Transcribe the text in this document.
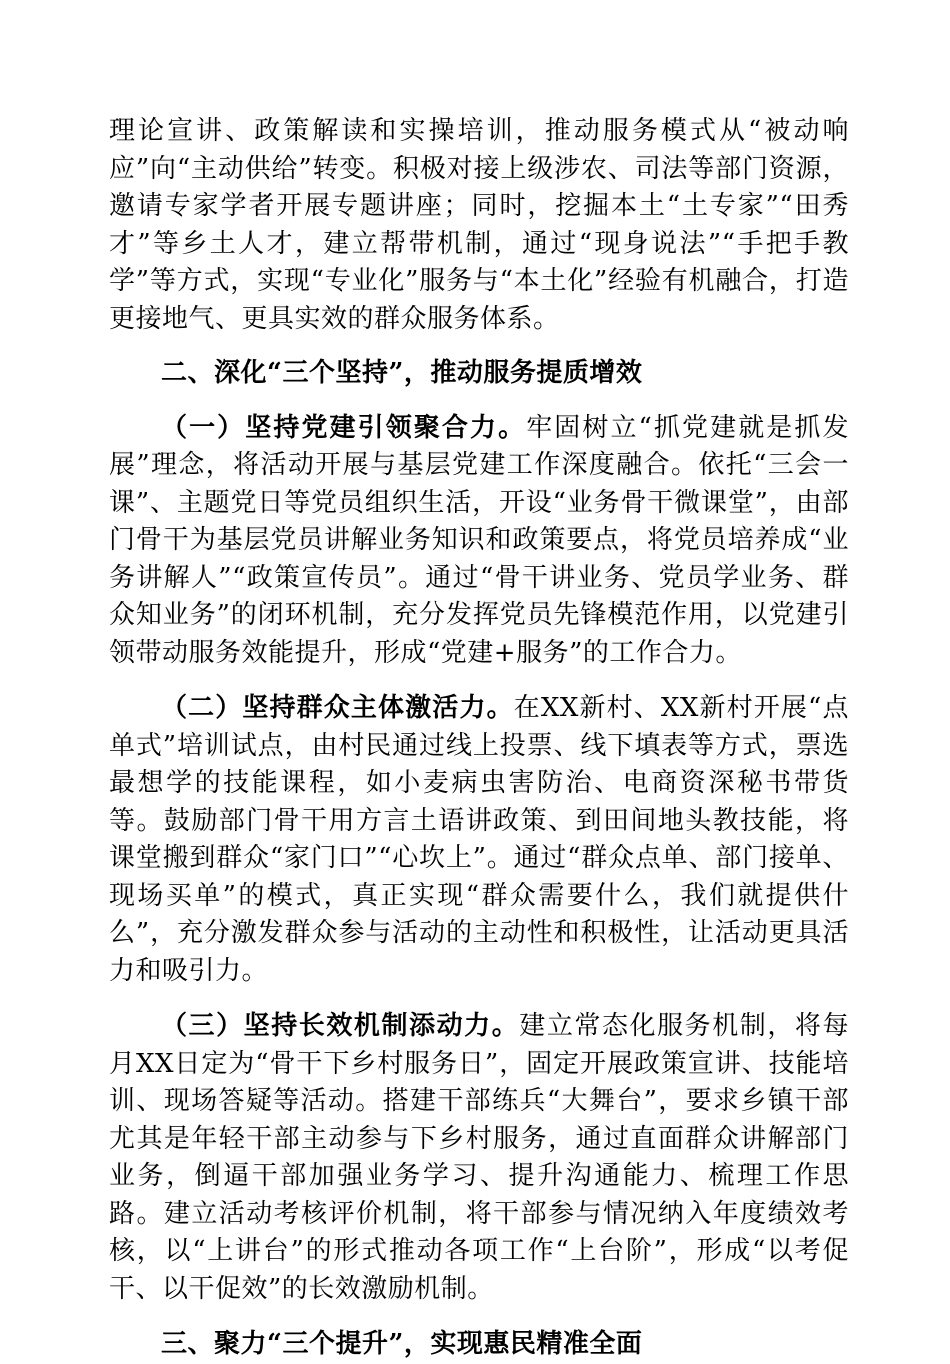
理论宣讲、政策解读和实操培训，推动服务模式从“被动响应”向“主动供给”转变。积极对接上级涉农、司法等部门资源，邀请专家学者开展专题讲座；同时，挖掘本土“土专家”“田秀才”等乡土人才，建立帮带机制，通过“现身说法”“手把手教学”等方式，实现“专业化”服务与“本土化”经验有机融合，打造更接地气、更具实效的群众服务体系。

二、深化“三个坚持”，推动服务提质增效

（一）坚持党建引领聚合力。牢固树立“抓党建就是抓发展”理念，将活动开展与基层党建工作深度融合。依托“三会一课”、主题党日等党员组织生活，开设“业务骨干微课堂”，由部门骨干为基层党员讲解业务知识和政策要点，将党员培养成“业务讲解人”“政策宣传员”。通过“骨干讲业务、党员学业务、群众知业务”的闭环机制，充分发挥党员先锋模范作用，以党建引领带动服务效能提升，形成“党建+服务”的工作合力。

（二）坚持群众主体激活力。在XX新村、XX新村开展“点单式”培训试点，由村民通过线上投票、线下填表等方式，票选最想学的技能课程，如小麦病虫害防治、电商资深秘书带货等。鼓励部门骨干用方言土语讲政策、到田间地头教技能，将课堂搬到群众“家门口”“心坎上”。通过“群众点单、部门接单、现场买单”的模式，真正实现“群众需要什么，我们就提供什么”，充分激发群众参与活动的主动性和积极性，让活动更具活力和吸引力。

（三）坚持长效机制添动力。建立常态化服务机制，将每月XX日定为“骨干下乡村服务日”，固定开展政策宣讲、技能培训、现场答疑等活动。搭建干部练兵“大舞台”，要求乡镇干部尤其是年轻干部主动参与下乡村服务，通过直面群众讲解部门业务，倒逼干部加强业务学习、提升沟通能力、梳理工作思路。建立活动考核评价机制，将干部参与情况纳入年度绩效考核，以“上讲台”的形式推动各项工作“上台阶”，形成“以考促干、以干促效”的长效激励机制。

三、聚力“三个提升”，实现惠民精准全面
